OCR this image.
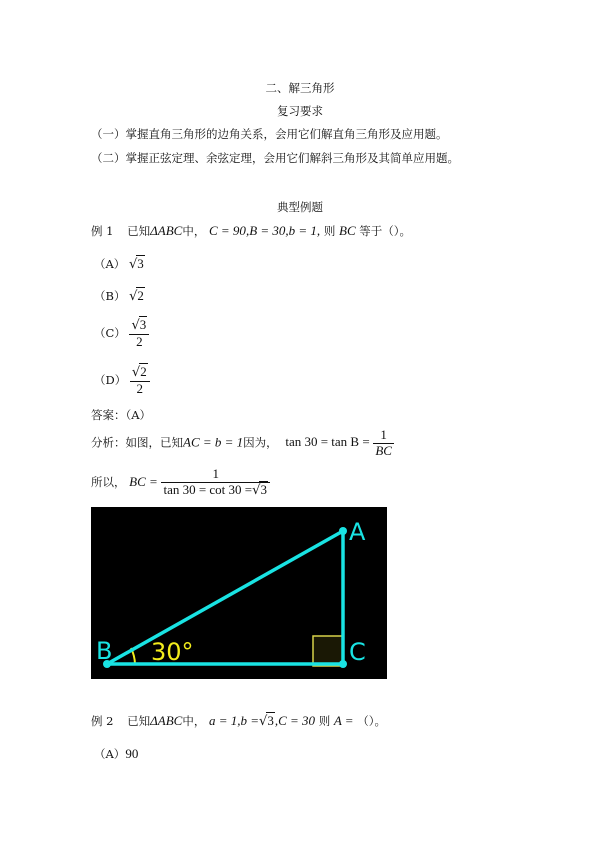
二、解三角形
复习要求
（一）掌握直角三角形的边角关系，会用它们解直角三角形及应用题。
（二）掌握正弦定理、余弦定理，会用它们解斜三角形及其简单应用题。
典型例题
例 1 已知ΔABC中， C = 90,B = 30,b = 1, 则 BC 等于（）。
（A） √3
（B） √2
$(C) \frac{√3}{2}$
$(D) \frac{√2}{2}$
答案：（A）
分析：如图，已知AC = b = 1因为， $\tan 30 = \tan B = \frac{1}{BC}$
所以， BC = $\frac{1}{\tan 30 = \cot 30 =√3}$
A
B	C
30°
例 2 已知ΔABC中， a = 1,b =√3,C = 30 则 A = （）。
（A）90
